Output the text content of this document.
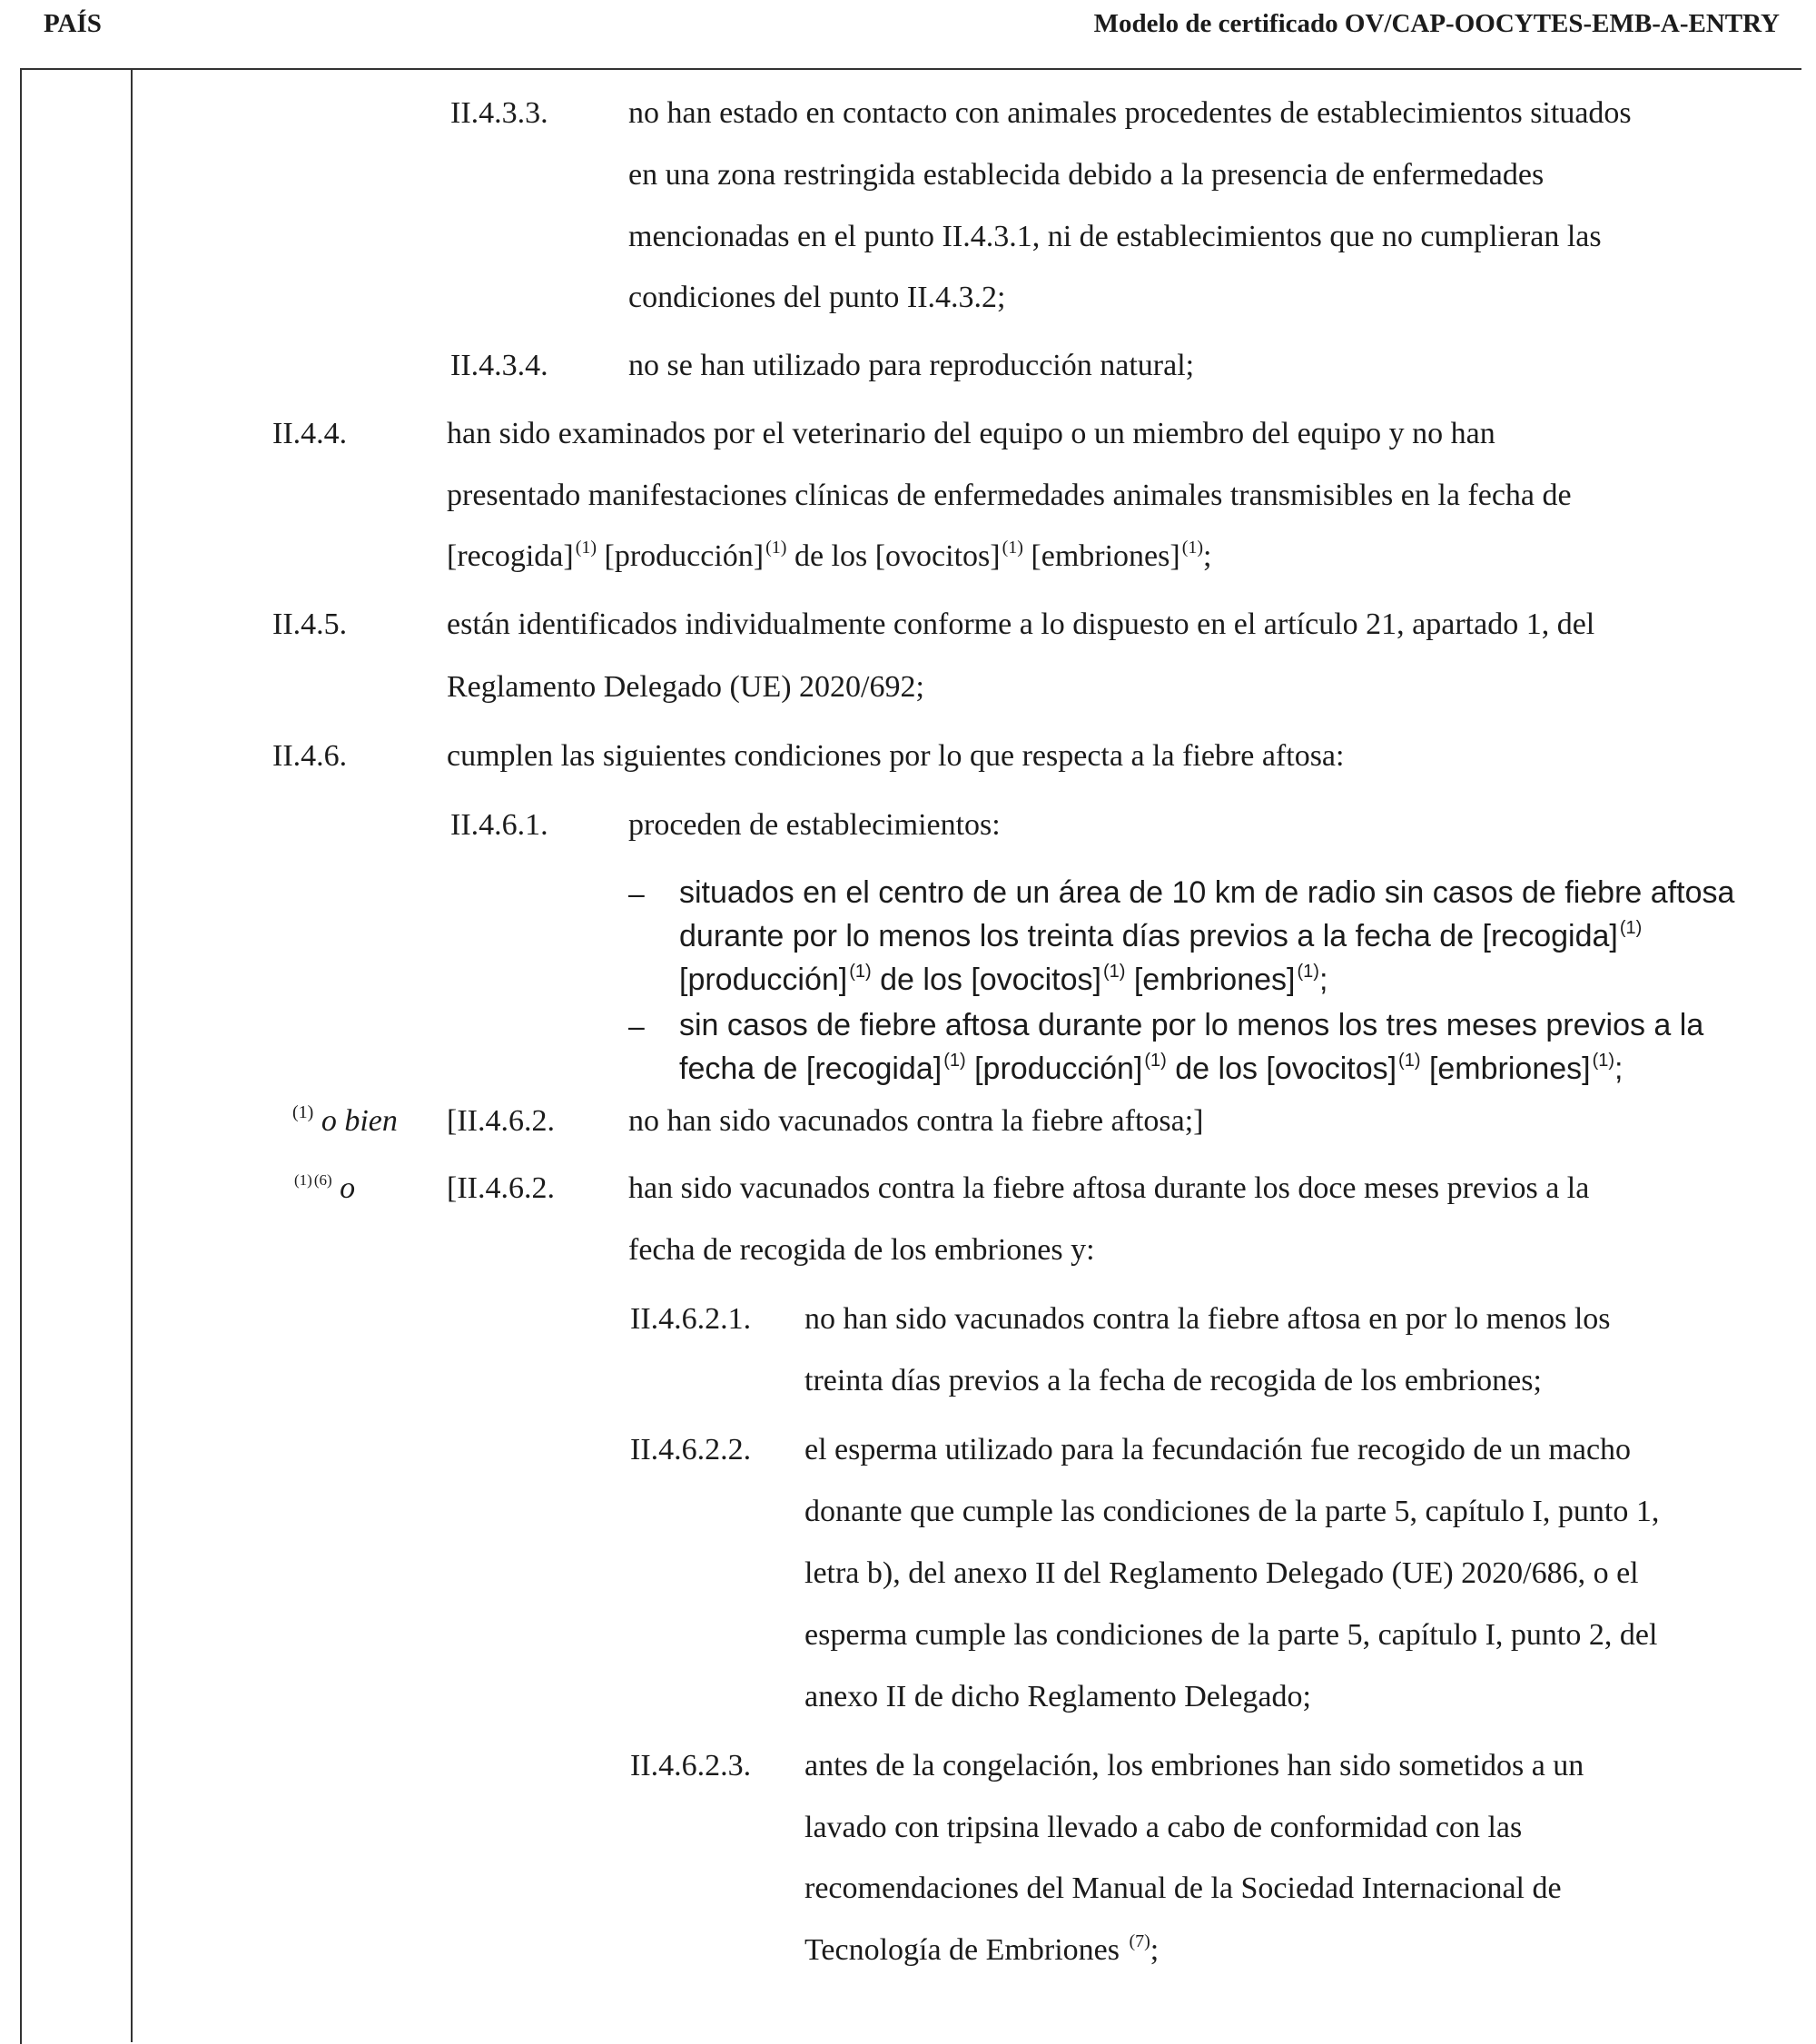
PAÍS	Modelo de certificado OV/CAP-OOCYTES-EMB-A-ENTRY
II.4.3.3.	no han estado en contacto con animales procedentes de establecimientos situados
en una zona restringida establecida debido a la presencia de enfermedades
mencionadas en el punto II.4.3.1, ni de establecimientos que no cumplieran las
condiciones del punto II.4.3.2;
II.4.3.4.	no se han utilizado para reproducción natural;
II.4.4.	han sido examinados por el veterinario del equipo o un miembro del equipo y no han
presentado manifestaciones clínicas de enfermedades animales transmisibles en la fecha de
[recogida] $^{(1)}$ [producción] $^{(1)}$ de los [ovocitos] $^{(1)}$ [embriones] $^{(1)}$;
II.4.5.	están identificados individualmente conforme a lo dispuesto en el artículo 21, apartado 1, del
Reglamento Delegado (UE) 2020/692;
II.4.6.	cumplen las siguientes condiciones por lo que respecta a la fiebre aftosa:
II.4.6.1.	proceden de establecimientos:
– situados en el centro de un área de 10 km de radio sin casos de fiebre aftosa
durante por lo menos los treinta días previos a la fecha de [recogida] $^{(1)}$
[producción] $^{(1)}$ de los [ovocitos] $^{(1)}$ [embriones] $^{(1)}$;
– sin casos de fiebre aftosa durante por lo menos los tres meses previos a la
fecha de [recogida] $^{(1)}$ [producción] $^{(1)}$ de los [ovocitos] $^{(1)}$ [embriones] $^{(1)}$;
$^{(1)}$ o bien [II.4.6.2. no han sido vacunados contra la fiebre aftosa;]
$^{(1)}$ $^{(6)}$ o	[II.4.6.2. han sido vacunados contra la fiebre aftosa durante los doce meses previos a la
fecha de recogida de los embriones y:
II.4.6.2.1. no han sido vacunados contra la fiebre aftosa en por lo menos los
treinta días previos a la fecha de recogida de los embriones;
II.4.6.2.2. el esperma utilizado para la fecundación fue recogido de un macho
donante que cumple las condiciones de la parte 5, capítulo I, punto 1,
letra b), del anexo II del Reglamento Delegado (UE) 2020/686, o el
esperma cumple las condiciones de la parte 5, capítulo I, punto 2, del
anexo II de dicho Reglamento Delegado;
II.4.6.2.3. antes de la congelación, los embriones han sido sometidos a un
lavado con tripsina llevado a cabo de conformidad con las
recomendaciones del Manual de la Sociedad Internacional de
Tecnología de Embriones $^{(7)}$;
